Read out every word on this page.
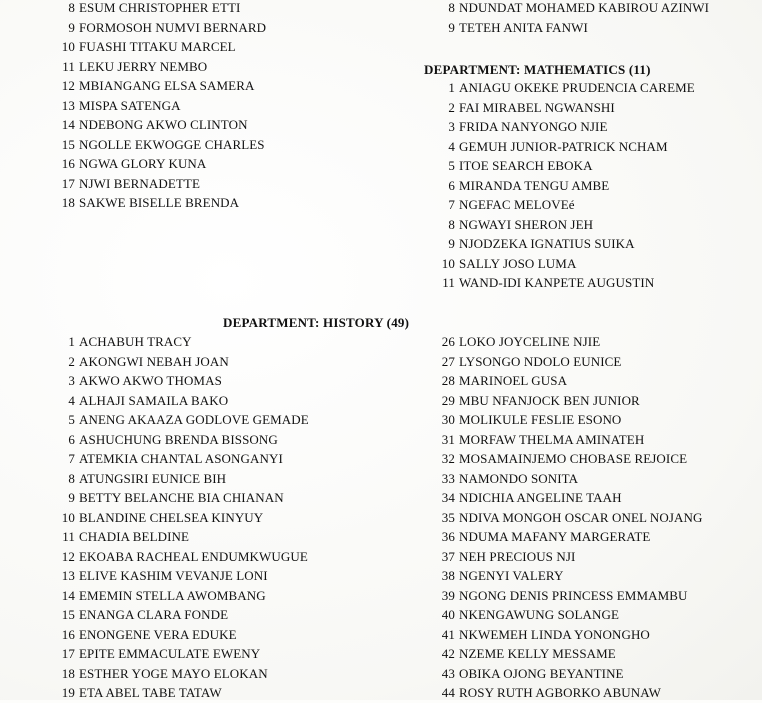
8 ESUM CHRISTOPHER ETTI
9 FORMOSOH NUMVI BERNARD
10 FUASHI TITAKU MARCEL
11 LEKU JERRY NEMBO
12 MBIANGANG ELSA SAMERA
13 MISPA SATENGA
14 NDEBONG AKWO CLINTON
15 NGOLLE EKWOGGE CHARLES
16 NGWA GLORY KUNA
17 NJWI BERNADETTE
18 SAKWE BISELLE BRENDA
8 NDUNDAT MOHAMED KABIROU AZINWI
9 TETEH ANITA FANWI
DEPARTMENT: MATHEMATICS (11)
1 ANIAGU OKEKE PRUDENCIA CAREME
2 FAI MIRABEL NGWANSHI
3 FRIDA NANYONGO NJIE
4 GEMUH JUNIOR-PATRICK NCHAM
5 ITOE SEARCH EBOKA
6 MIRANDA TENGU AMBE
7 NGEFAC MELOVEé
8 NGWAYI SHERON JEH
9 NJODZEKA IGNATIUS SUIKA
10 SALLY JOSO LUMA
11 WAND-IDI KANPETE AUGUSTIN
DEPARTMENT: HISTORY (49)
1 ACHABUH TRACY
2 AKONGWI NEBAH JOAN
3 AKWO AKWO THOMAS
4 ALHAJI SAMAILA BAKO
5 ANENG AKAAZA GODLOVE GEMADE
6 ASHUCHUNG BRENDA BISSONG
7 ATEMKIA CHANTAL ASONGANYI
8 ATUNGSIRI EUNICE BIH
9 BETTY BELANCHE BIA CHIANAN
10 BLANDINE CHELSEA KINYUY
11 CHADIA BELDINE
12 EKOABA RACHEAL ENDUMKWUGUE
13 ELIVE KASHIM VEVANJE LONI
14 EMEMIN STELLA AWOMBANG
15 ENANGA CLARA FONDE
16 ENONGENE VERA EDUKE
17 EPITE EMMACULATE EWENY
18 ESTHER YOGE MAYO ELOKAN
19 ETA ABEL TABE TATAW
26 LOKO JOYCELINE NJIE
27 LYSONGO NDOLO EUNICE
28 MARINOEL GUSA
29 MBU NFANJOCK BEN JUNIOR
30 MOLIKULE FESLIE ESONO
31 MORFAW THELMA AMINATEH
32 MOSAMAINJEMO CHOBASE REJOICE
33 NAMONDO SONITA
34 NDICHIA ANGELINE TAAH
35 NDIVA MONGOH OSCAR ONEL NOJANG
36 NDUMA MAFANY MARGERATE
37 NEH PRECIOUS NJI
38 NGENYI VALERY
39 NGONG DENIS PRINCESS EMMAMBU
40 NKENGAWUNG SOLANGE
41 NKWEMEH LINDA YONONGHO
42 NZEME KELLY MESSAME
43 OBIKA OJONG BEYANTINE
44 ROSY RUTH AGBORKO ABUNAW
